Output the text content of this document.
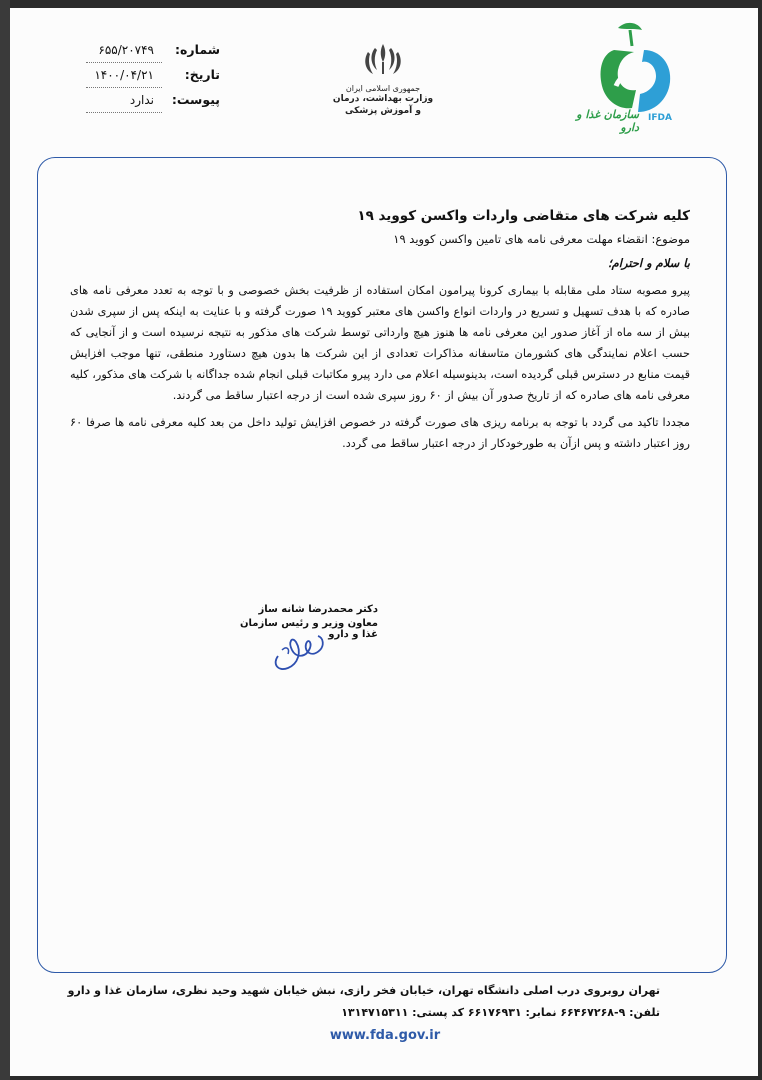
شماره:
۶۵۵/۲۰۷۴۹
تاریخ:
۱۴۰۰/۰۴/۲۱
پیوست:
ندارد
جمهوری اسلامی ایران
وزارت بهداشت، درمان
و آموزش پزشکی	سازمان غذا و دارو
IFDA
کلیه شرکت های متقاضی واردات واکسن کووید ۱۹
موضوع: انقضاء مهلت معرفی نامه های تامین واکسن کووید ۱۹
با سلام و احترام؛

پیرو مصوبه ستاد ملی مقابله با بیماری کرونا پیرامون امکان استفاده از ظرفیت بخش خصوصی و با توجه به تعدد معرفی نامه های صادره که با هدف تسهیل و تسریع در واردات انواع واکسن های معتبر کووید ۱۹ صورت گرفته و با عنایت به اینکه پس از سپری شدن بیش از سه ماه از آغاز صدور این معرفی نامه ها هنوز هیچ وارداتی توسط شرکت های مذکور به نتیجه نرسیده است و از آنجایی که حسب اعلام نمایندگی های کشورمان متاسفانه مذاکرات تعدادی از این شرکت ها بدون هیچ دستاورد منطقی، تنها موجب افزایش قیمت منابع در دسترس قبلی گردیده است، بدینوسیله اعلام می دارد پیرو مکاتبات قبلی انجام شده جداگانه با شرکت های مذکور، کلیه معرفی نامه های صادره که از تاریخ صدور آن بیش از ۶۰ روز سپری شده است از درجه اعتبار ساقط می گردند.

مجددا تاکید می گردد با توجه به برنامه ریزی های صورت گرفته در خصوص افزایش تولید داخل من بعد کلیه معرفی نامه ها صرفا ۶۰ روز اعتبار داشته و پس ازآن به طورخودکار از درجه اعتبار ساقط می گردد.

دکتر محمدرضا شانه ساز
معاون وزیر و رئیس سازمان غذا و دارو
تهران روبروی درب اصلی دانشگاه تهران، خیابان فخر رازی، نبش خیابان شهید وحید نظری، سازمان غذا و دارو
تلفن: ۹-۶۶۴۶۷۲۶۸ نمابر: ۶۶۱۷۶۹۳۱ کد پستی: ۱۳۱۴۷۱۵۳۱۱
www.fda.gov.ir
